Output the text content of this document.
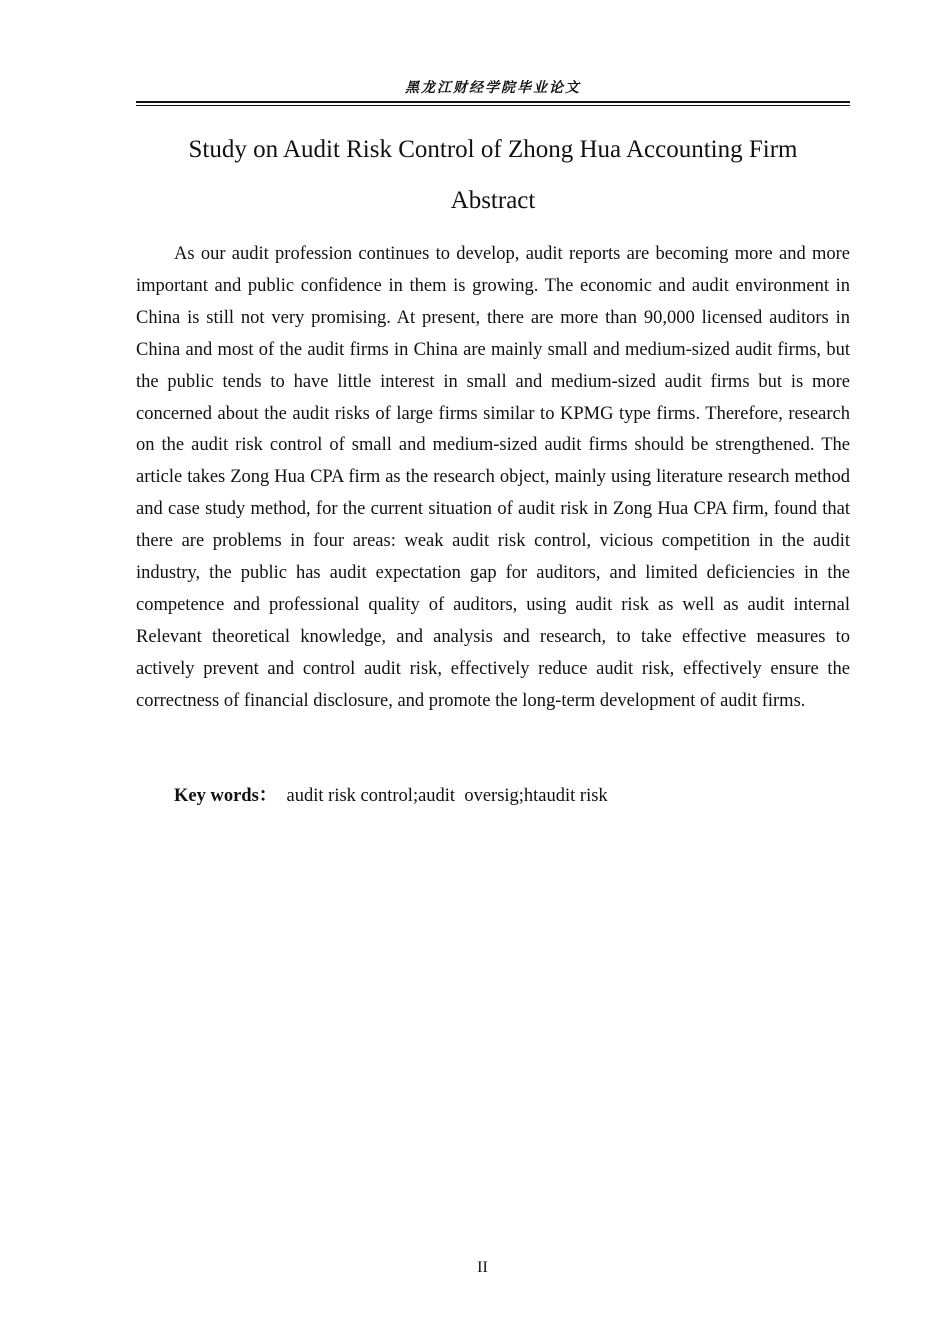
黑龙江财经学院毕业论文
Study on Audit Risk Control of Zhong Hua Accounting Firm
Abstract

As our audit profession continues to develop, audit reports are becoming more and more important and public confidence in them is growing. The economic and audit environment in China is still not very promising. At present, there are more than 90,000 licensed auditors in China and most of the audit firms in China are mainly small and medium-sized audit firms, but the public tends to have little interest in small and medium-sized audit firms but is more concerned about the audit risks of large firms similar to KPMG type firms. Therefore, research on the audit risk control of small and medium-sized audit firms should be strengthened. The article takes Zong Hua CPA firm as the research object, mainly using literature research method and case study method, for the current situation of audit risk in Zong Hua CPA firm, found that there are problems in four areas: weak audit risk control, vicious competition in the audit industry, the public has audit expectation gap for auditors, and limited deficiencies in the competence and professional quality of auditors, using audit risk as well as audit internal Relevant theoretical knowledge, and analysis and research, to take effective measures to actively prevent and control audit risk, effectively reduce audit risk, effectively ensure the correctness of financial disclosure, and promote the long-term development of audit firms.

Key words：  audit risk control;audit  oversig;htaudit risk
II
